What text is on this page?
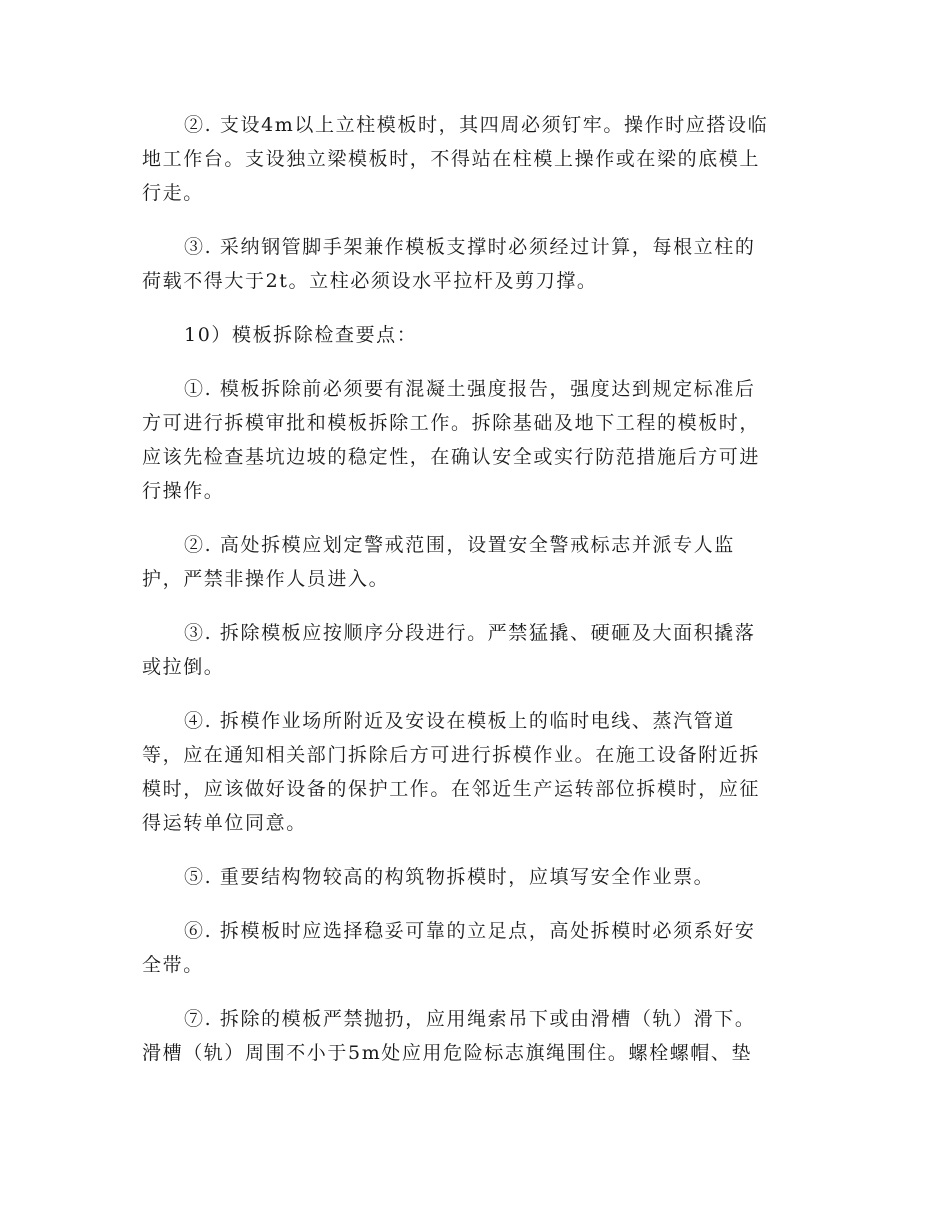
②. 支设4m以上立柱模板时，其四周必须钉牢。操作时应搭设临
地工作台。支设独立梁模板时，不得站在柱模上操作或在梁的底模上
行走。
③. 采纳钢管脚手架兼作模板支撑时必须经过计算，每根立柱的
荷载不得大于2t。立柱必须设水平拉杆及剪刀撑。
10）模板拆除检查要点：
①. 模板拆除前必须要有混凝土强度报告，强度达到规定标准后
方可进行拆模审批和模板拆除工作。拆除基础及地下工程的模板时，
应该先检查基坑边坡的稳定性，在确认安全或实行防范措施后方可进
行操作。
②. 高处拆模应划定警戒范围，设置安全警戒标志并派专人监
护，严禁非操作人员进入。
③. 拆除模板应按顺序分段进行。严禁猛撬、硬砸及大面积撬落
或拉倒。
④. 拆模作业场所附近及安设在模板上的临时电线、蒸汽管道
等，应在通知相关部门拆除后方可进行拆模作业。在施工设备附近拆
模时，应该做好设备的保护工作。在邻近生产运转部位拆模时，应征
得运转单位同意。
⑤. 重要结构物较高的构筑物拆模时，应填写安全作业票。
⑥. 拆模板时应选择稳妥可靠的立足点，高处拆模时必须系好安
全带。
⑦. 拆除的模板严禁抛扔，应用绳索吊下或由滑槽（轨）滑下。
滑槽（轨）周围不小于5m处应用危险标志旗绳围住。螺栓螺帽、垫
